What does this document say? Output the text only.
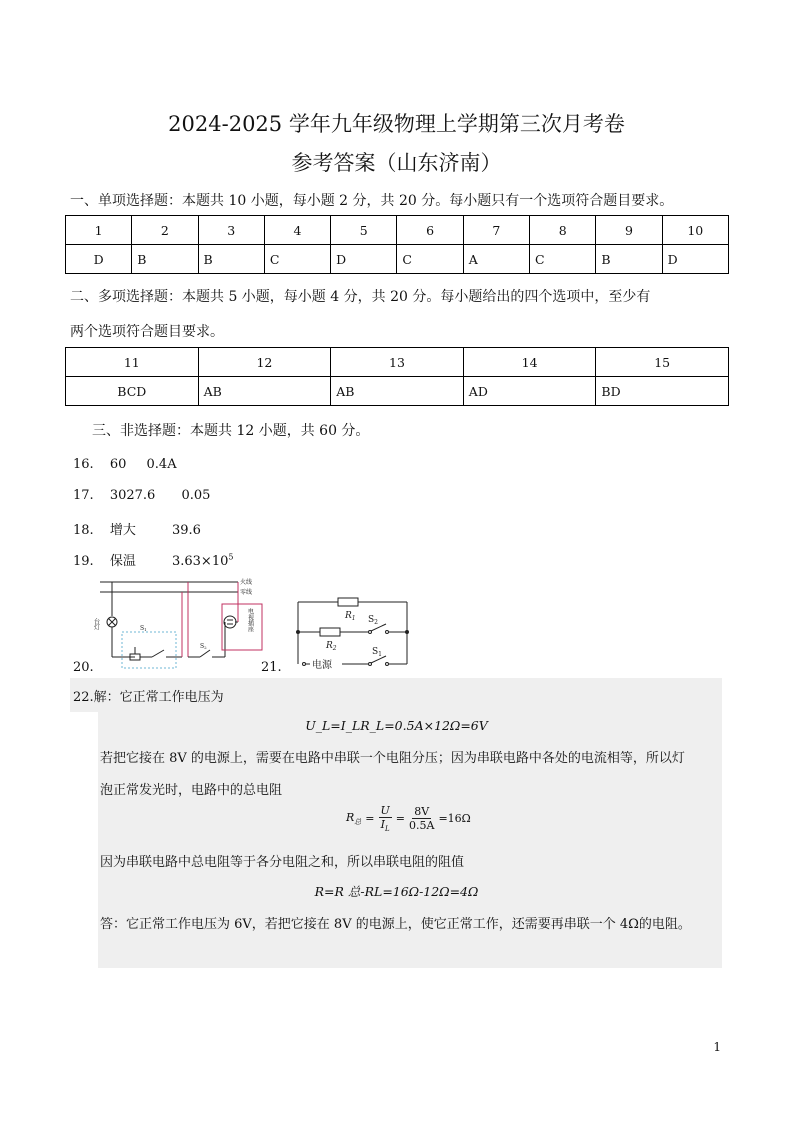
2024-2025 学年九年级物理上学期第三次月考卷
参考答案（山东济南）
一、单项选择题：本题共 10 小题，每小题 2 分，共 20 分。每小题只有一个选项符合题目要求。
1	2	3	4	5	6	7	8	9	10
D	B	B	C	D	C	A	C	B	D
二、多项选择题：本题共 5 小题，每小题 4 分，共 20 分。每小题给出的四个选项中，至少有
两个选项符合题目要求。
11	12	13	14	15
BCD	AB	AB	AD	BD
三、非选择题：本题共 12 小题，共 60 分。
16. 60 0.4A
17. 3027.6 0.05
18. 增大	39.6
19. 保温	$3.63\times 10^5$
20.
火线
零线
台灯	S1
S2
电视插座
21.
$R_1$
$R_2$
$S_2$
$S_1$
电源
22.解：它正常工作电压为
U_L=I_LR_L=0.5A×12Ω=6V
若把它接在 8V 的电源上，需要在电路中串联一个电阻分压；因为串联电路中各处的电流相等，所以灯
泡正常发光时，电路中的总电阻
$R_总 = \frac{U}{I_L} = \frac{8V}{0.5A} =16\Omega$
因为串联电路中总电阻等于各分电阻之和，所以串联电阻的阻值
R=R 总-RL=16Ω-12Ω=4Ω
答：它正常工作电压为 6V，若把它接在 8V 的电源上，使它正常工作，还需要再串联一个 4Ω的电阻。
1
